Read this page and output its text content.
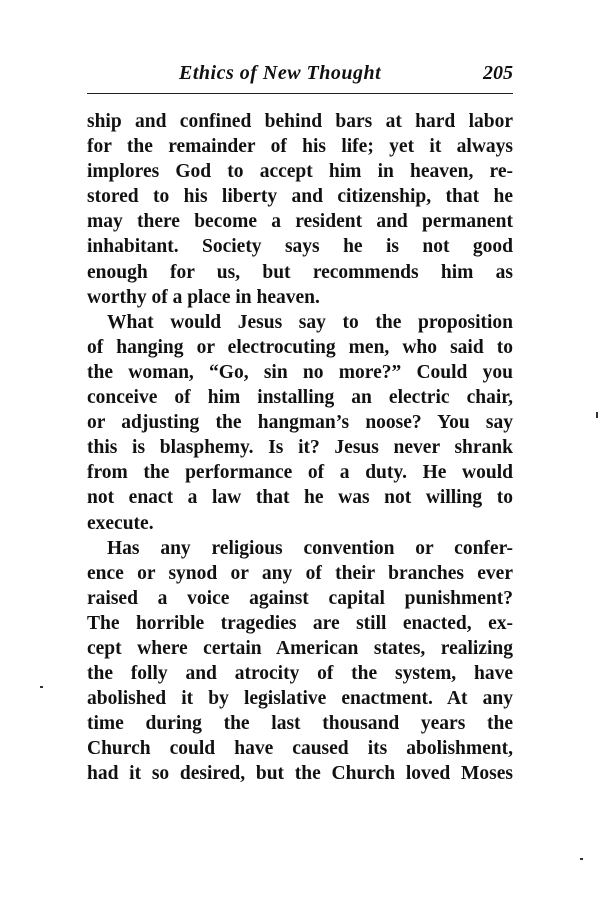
Ethics of New Thought	205
ship and confined behind bars at hard labor
for the remainder of his life; yet it always
implores God to accept him in heaven, re-
stored to his liberty and citizenship, that he
may there become a resident and permanent
inhabitant. Society says he is not good
enough for us, but recommends him as
worthy of a place in heaven.
What would Jesus say to the proposition
of hanging or electrocuting men, who said to
the woman, “Go, sin no more?” Could you
conceive of him installing an electric chair,
or adjusting the hangman’s noose? You say
this is blasphemy. Is it? Jesus never shrank
from the performance of a duty. He would
not enact a law that he was not willing to
execute.
Has any religious convention or confer-
ence or synod or any of their branches ever
raised a voice against capital punishment?
The horrible tragedies are still enacted, ex-
cept where certain American states, realizing
the folly and atrocity of the system, have
abolished it by legislative enactment. At any
time during the last thousand years the
Church could have caused its abolishment,
had it so desired, but the Church loved Moses
